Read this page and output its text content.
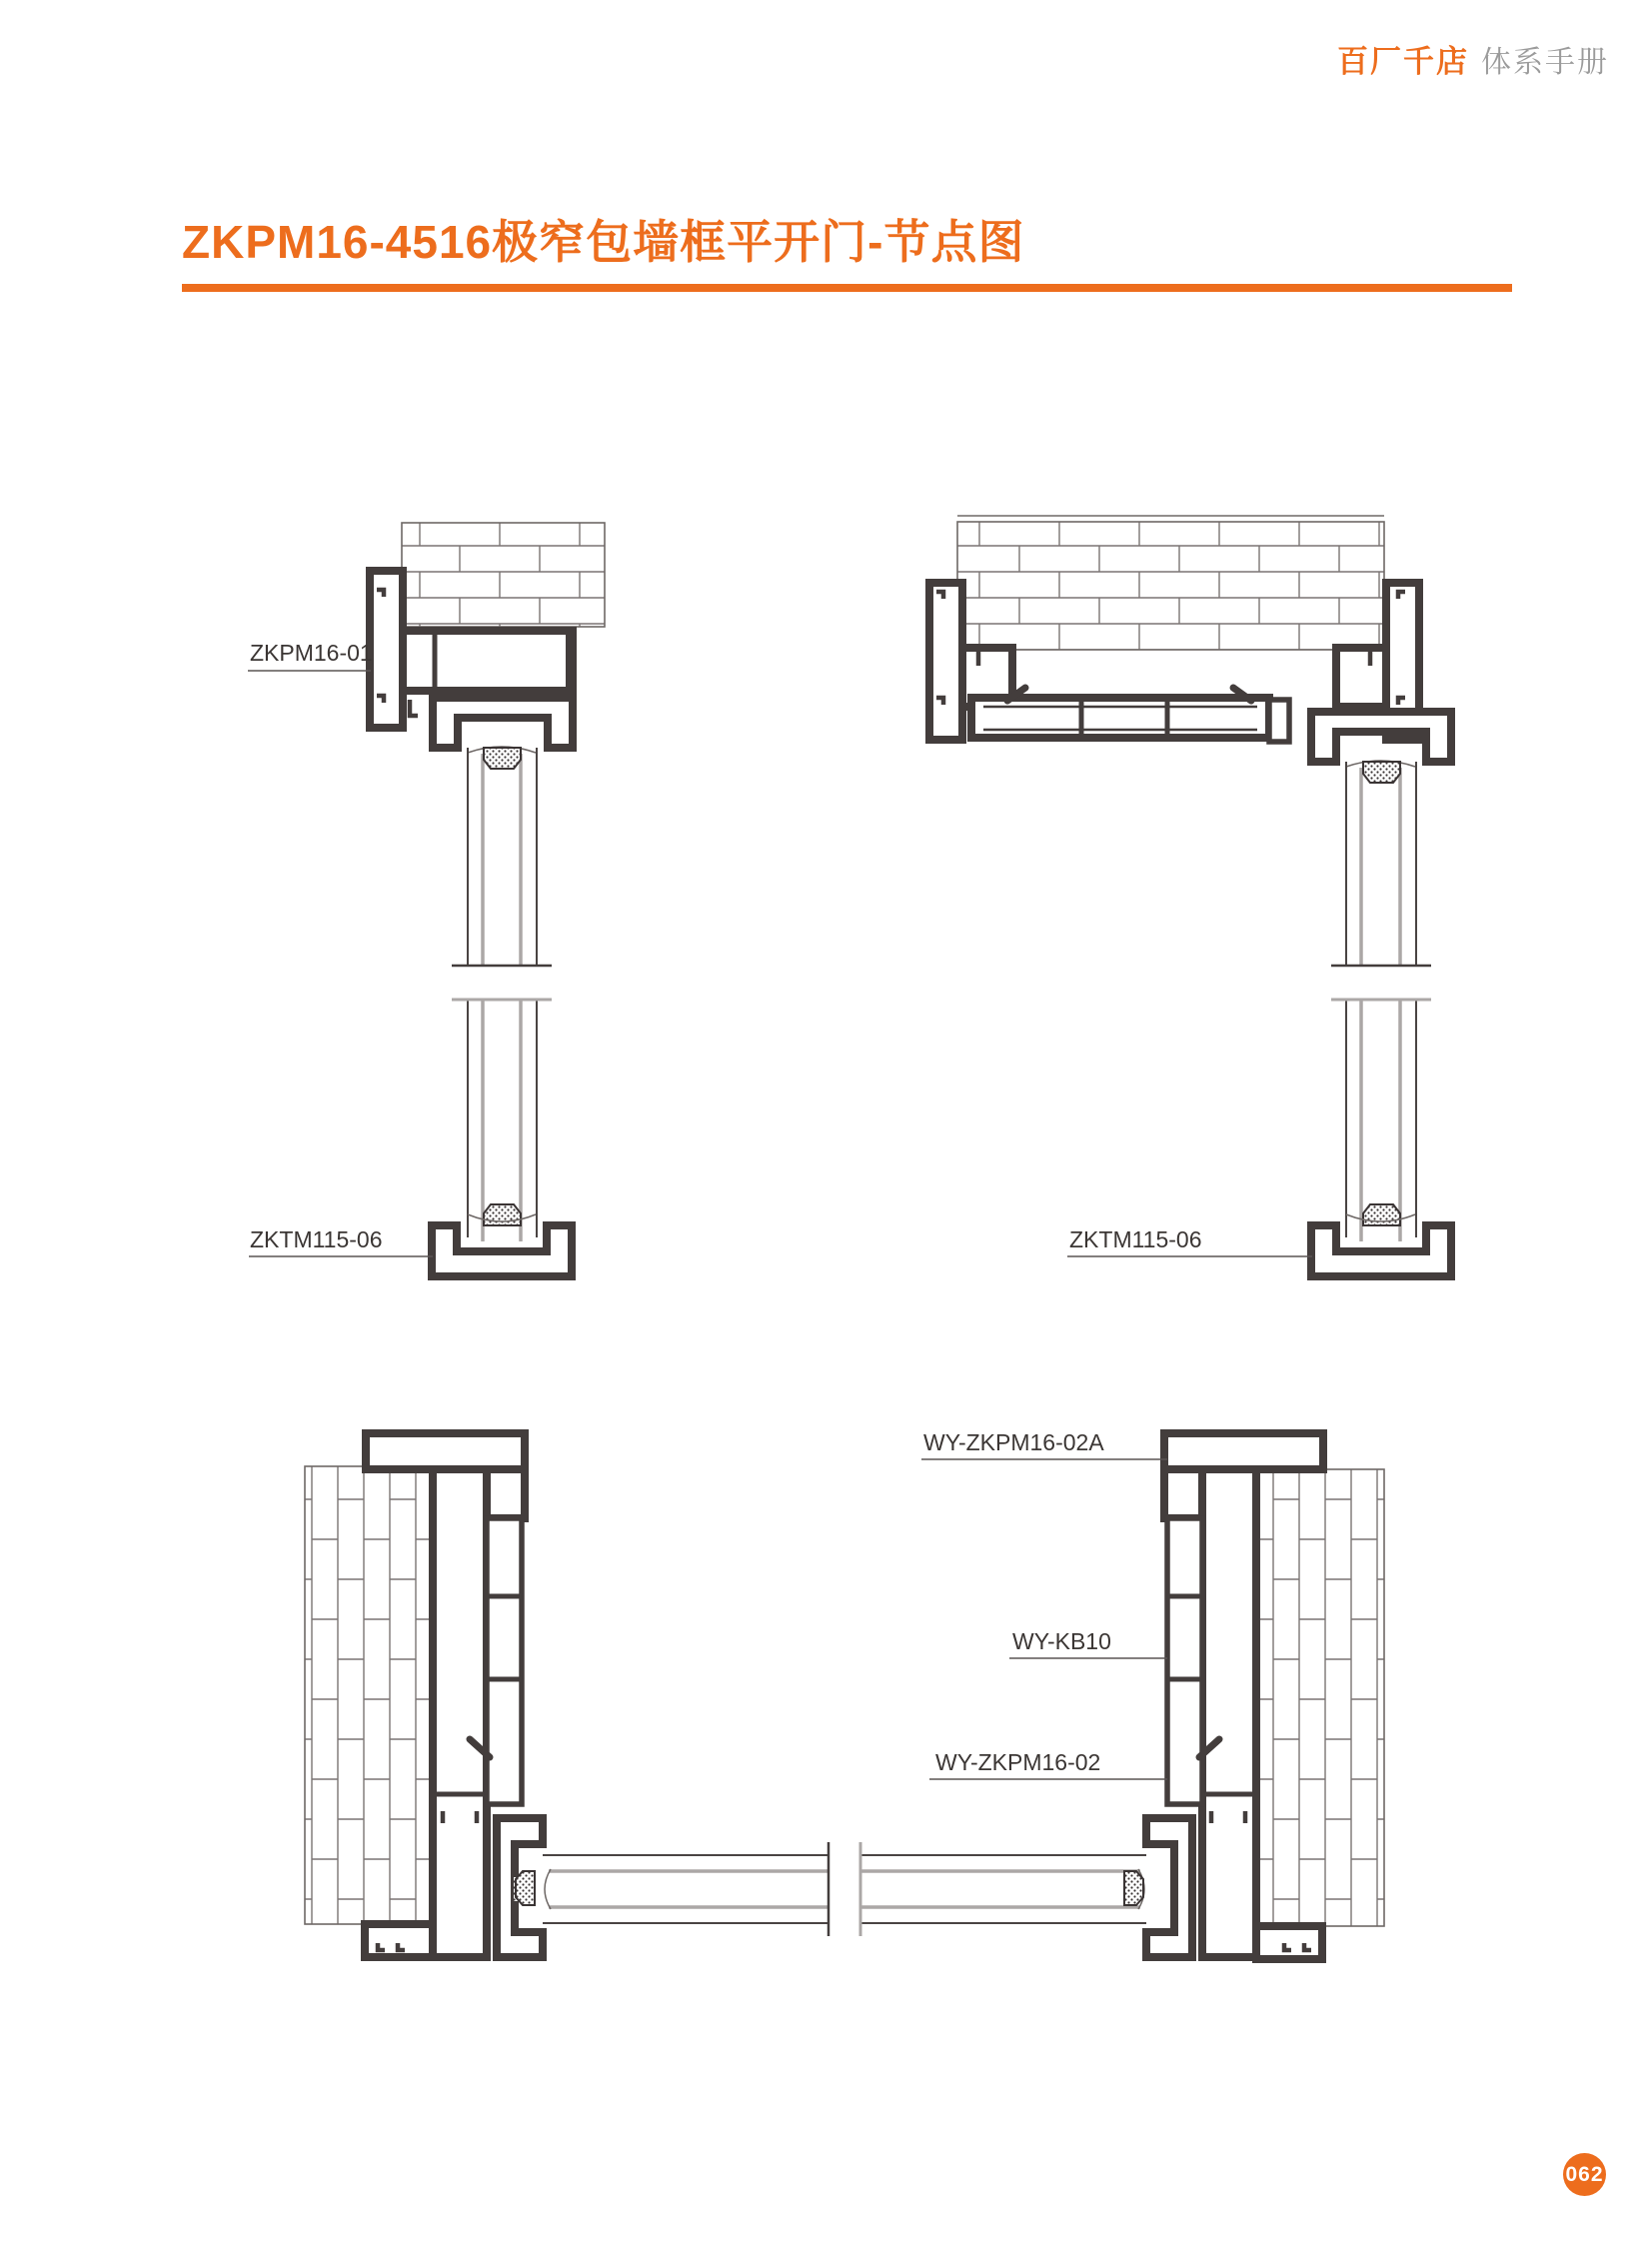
百厂千店 体系手册
ZKPM16-4516极窄包墙框平开门-节点图
ZKPM16-01
ZKTM115-06	ZKTM115-06
WY-ZKPM16-02A
WY-KB10
WY-ZKPM16-02
062
